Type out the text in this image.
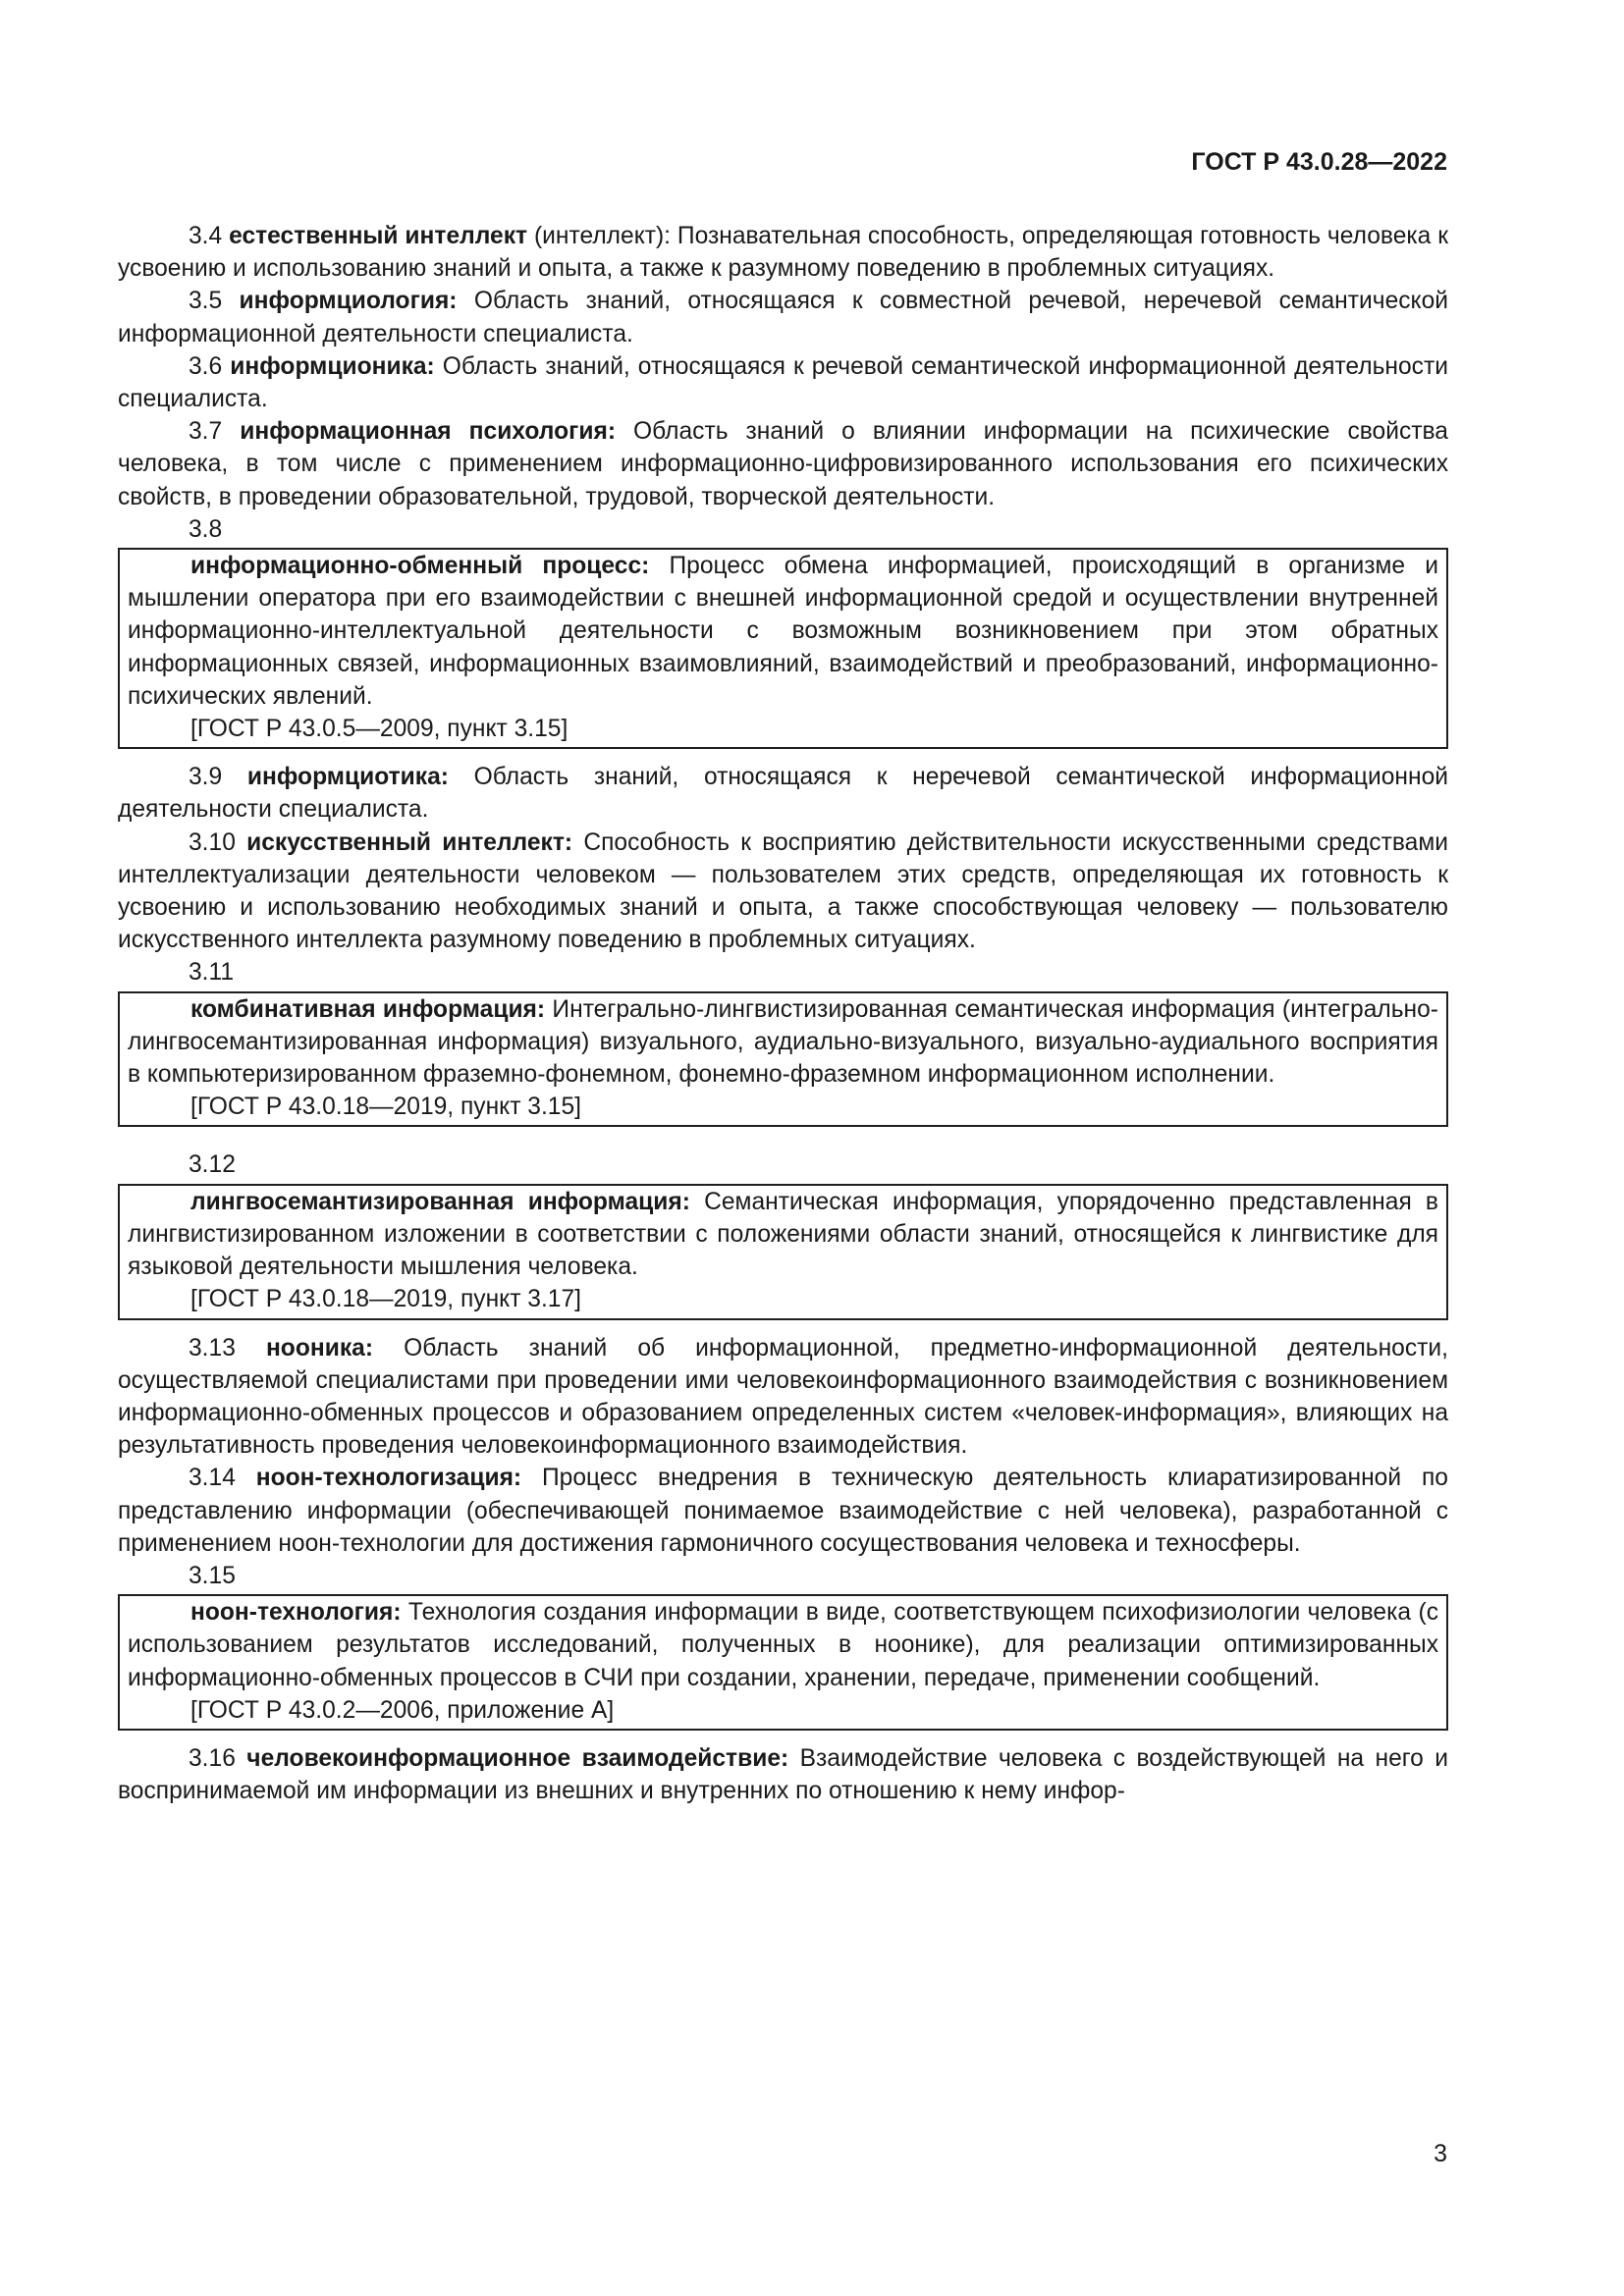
ГОСТ Р 43.0.28—2022

3.4 естественный интеллект (интеллект): Познавательная способность, определяющая готовность человека к усвоению и использованию знаний и опыта, а также к разумному поведению в проблемных ситуациях.

3.5 информциология: Область знаний, относящаяся к совместной речевой, неречевой семантической информационной деятельности специалиста.

3.6 информционика: Область знаний, относящаяся к речевой семантической информационной деятельности специалиста.

3.7 информационная психология: Область знаний о влиянии информации на психические свойства человека, в том числе с применением информационно-цифровизированного использования его психических свойств, в проведении образовательной, трудовой, творческой деятельности.

3.8

информационно-обменный процесс: Процесс обмена информацией, происходящий в организме и мышлении оператора при его взаимодействии с внешней информационной средой и осуществлении внутренней информационно-интеллектуальной деятельности с возможным возникновением при этом обратных информационных связей, информационных взаимовлияний, взаимодействий и преобразований, информационно-психических явлений.

[ГОСТ Р 43.0.5—2009, пункт 3.15]

3.9 информциотика: Область знаний, относящаяся к неречевой семантической информационной деятельности специалиста.

3.10 искусственный интеллект: Способность к восприятию действительности искусственными средствами интеллектуализации деятельности человеком — пользователем этих средств, определяющая их готовность к усвоению и использованию необходимых знаний и опыта, а также способствующая человеку — пользователю искусственного интеллекта разумному поведению в проблемных ситуациях.

3.11

комбинативная информация: Интегрально-лингвистизированная семантическая информация (интегрально-лингвосемантизированная информация) визуального, аудиально-визуального, визуально-аудиального восприятия в компьютеризированном фраземно-фонемном, фонемно-фраземном информационном исполнении.

[ГОСТ Р 43.0.18—2019, пункт 3.15]

3.12

лингвосемантизированная информация: Семантическая информация, упорядоченно представленная в лингвистизированном изложении в соответствии с положениями области знаний, относящейся к лингвистике для языковой деятельности мышления человека.

[ГОСТ Р 43.0.18—2019, пункт 3.17]

3.13 нооника: Область знаний об информационной, предметно-информационной деятельности, осуществляемой специалистами при проведении ими человекоинформационного взаимодействия с возникновением информационно-обменных процессов и образованием определенных систем «человек-информация», влияющих на результативность проведения человекоинформационного взаимодействия.

3.14 ноон-технологизация: Процесс внедрения в техническую деятельность клиаратизированной по представлению информации (обеспечивающей понимаемое взаимодействие с ней человека), разработанной с применением ноон-технологии для достижения гармоничного сосуществования человека и техносферы.

3.15

ноон-технология: Технология создания информации в виде, соответствующем психофизиологии человека (с использованием результатов исследований, полученных в ноонике), для реализации оптимизированных информационно-обменных процессов в СЧИ при создании, хранении, передаче, применении сообщений.

[ГОСТ Р 43.0.2—2006, приложение А]

3.16 человекоинформационное взаимодействие: Взаимодействие человека с воздействующей на него и воспринимаемой им информации из внешних и внутренних по отношению к нему инфор-

3
